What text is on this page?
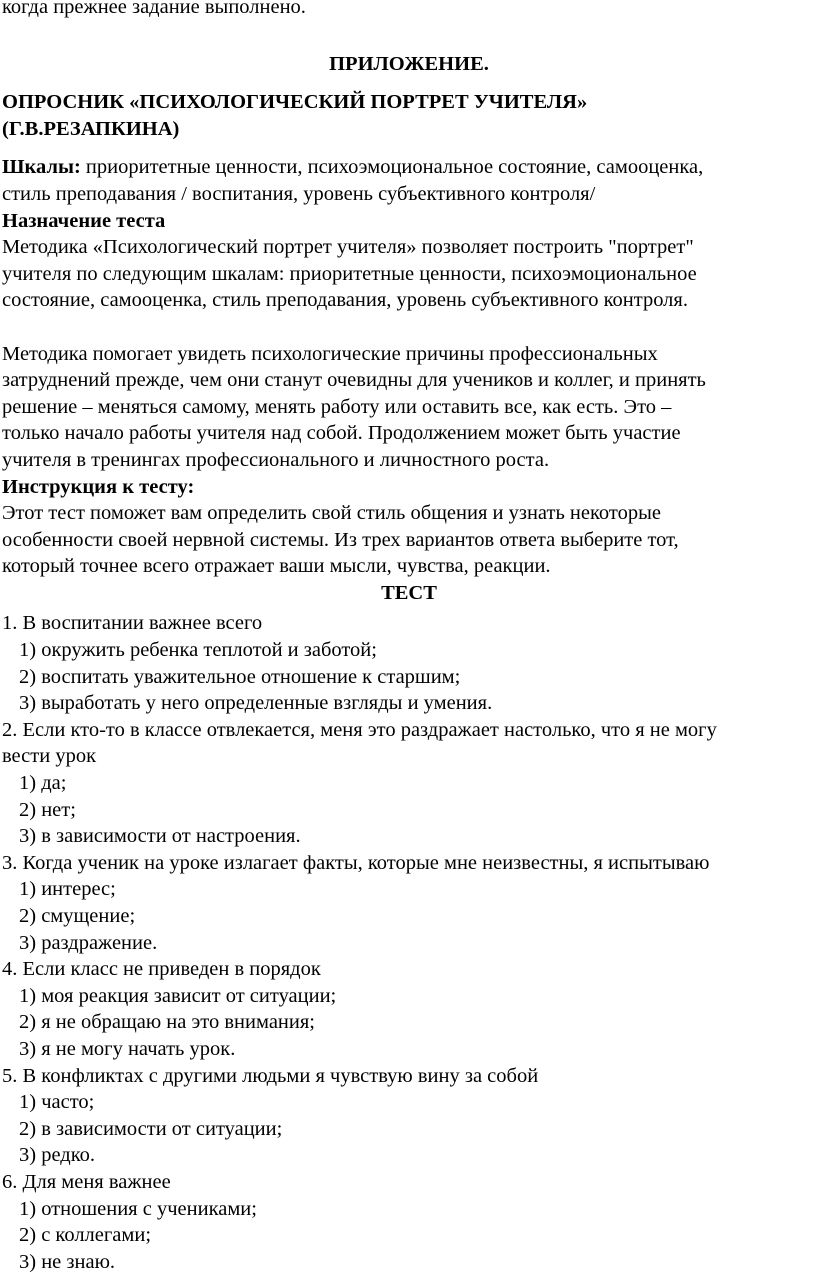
когда прежнее задание выполнено.
ПРИЛОЖЕНИЕ.
ОПРОСНИК «ПСИХОЛОГИЧЕСКИЙ ПОРТРЕТ УЧИТЕЛЯ»
(Г.В.РЕЗАПКИНА)
Шкалы: приоритетные ценности, психоэмоциональное состояние, самооценка,
стиль преподавания / воспитания, уровень субъективного контроля/
Назначение теста
Методика «Психологический портрет учителя» позволяет построить "портрет"
учителя по следующим шкалам: приоритетные ценности, психоэмоциональное
состояние, самооценка, стиль преподавания, уровень субъективного контроля.
Методика помогает увидеть психологические причины профессиональных
затруднений прежде, чем они станут очевидны для учеников и коллег, и принять
решение – меняться самому, менять работу или оставить все, как есть. Это –
только начало работы учителя над собой. Продолжением может быть участие
учителя в тренингах профессионального и личностного роста.
Инструкция к тесту:
Этот тест поможет вам определить свой стиль общения и узнать некоторые
особенности своей нервной системы. Из трех вариантов ответа выберите тот,
который точнее всего отражает ваши мысли, чувства, реакции.
ТЕСТ
1. В воспитании важнее всего
1) окружить ребенка теплотой и заботой;
2) воспитать уважительное отношение к старшим;
3) выработать у него определенные взгляды и умения.
2. Если кто-то в классе отвлекается, меня это раздражает настолько, что я не могу
вести урок
1) да;
2) нет;
3) в зависимости от настроения.
3. Когда ученик на уроке излагает факты, которые мне неизвестны, я испытываю
1) интерес;
2) смущение;
3) раздражение.
4. Если класс не приведен в порядок
1) моя реакция зависит от ситуации;
2) я не обращаю на это внимания;
3) я не могу начать урок.
5. В конфликтах с другими людьми я чувствую вину за собой
1) часто;
2) в зависимости от ситуации;
3) редко.
6. Для меня важнее
1) отношения с учениками;
2) с коллегами;
3) не знаю.
